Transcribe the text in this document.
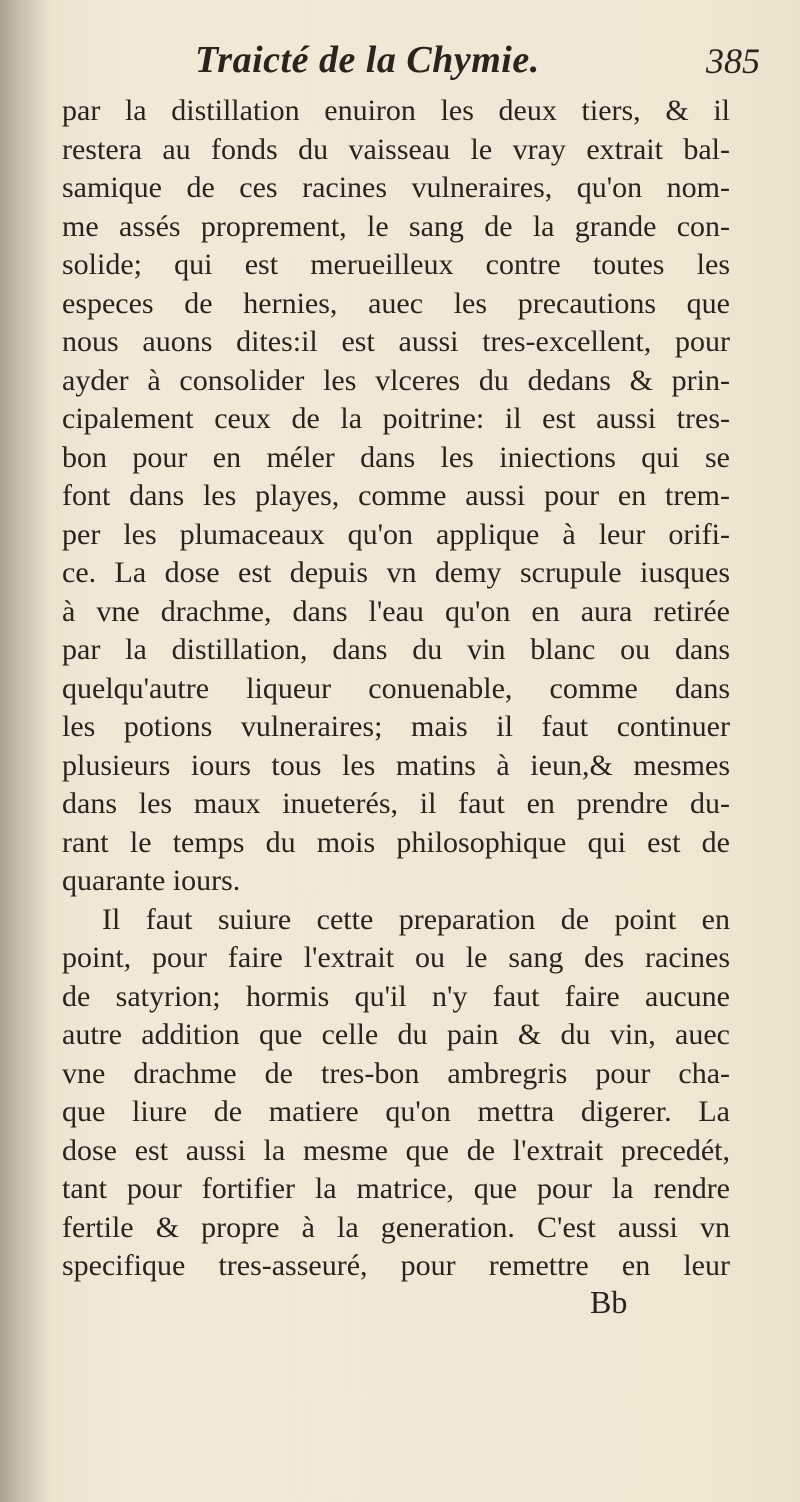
Traicté de la Chymie.	385
par la distillation enuiron les deux tiers, & il
restera au fonds du vaisseau le vray extrait bal-
samique de ces racines vulneraires, qu'on nom-
me assés proprement, le sang de la grande con-
solide; qui est merueilleux contre toutes les
especes de hernies, auec les precautions que
nous auons dites:il est aussi tres-excellent, pour
ayder à consolider les vlceres du dedans & prin-
cipalement ceux de la poitrine: il est aussi tres-
bon pour en méler dans les iniections qui se
font dans les playes, comme aussi pour en trem-
per les plumaceaux qu'on applique à leur orifi-
ce. La dose est depuis vn demy scrupule iusques
à vne drachme, dans l'eau qu'on en aura retirée
par la distillation, dans du vin blanc ou dans
quelqu'autre liqueur conuenable, comme dans
les potions vulneraires; mais il faut continuer
plusieurs iours tous les matins à ieun,& mesmes
dans les maux inueterés, il faut en prendre du-
rant le temps du mois philosophique qui est de
quarante iours.
Il faut suiure cette preparation de point en
point, pour faire l'extrait ou le sang des racines
de satyrion; hormis qu'il n'y faut faire aucune
autre addition que celle du pain & du vin, auec
vne drachme de tres-bon ambregris pour cha-
que liure de matiere qu'on mettra digerer. La
dose est aussi la mesme que de l'extrait precedét,
tant pour fortifier la matrice, que pour la rendre
fertile & propre à la generation. C'est aussi vn
specifique tres-asseuré, pour remettre en leur
Bb
